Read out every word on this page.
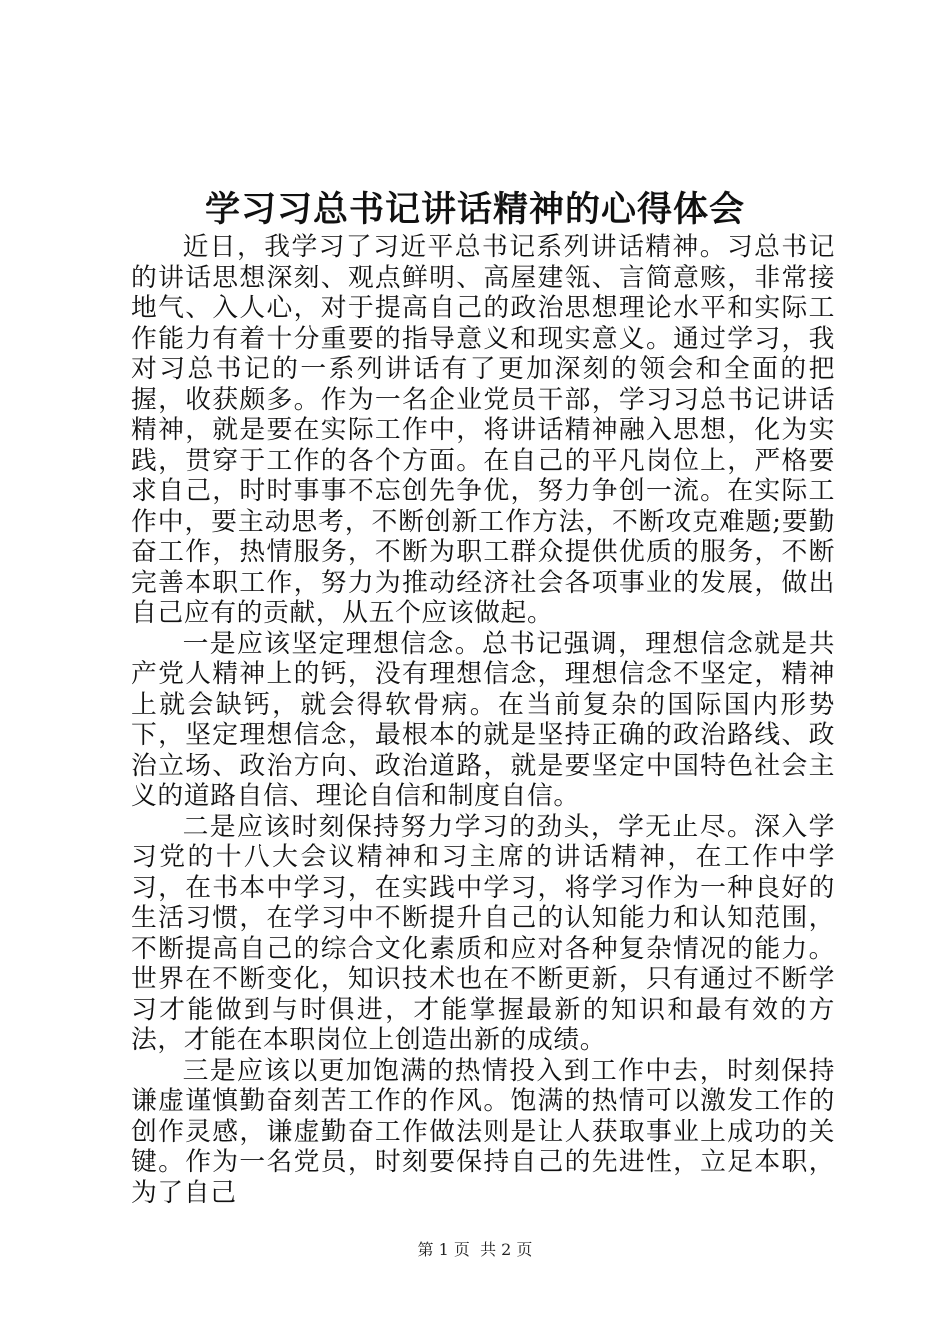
学习习总书记讲话精神的心得体会

近日，我学习了习近平总书记系列讲话精神。习总书记的讲话思想深刻、观点鲜明、高屋建瓴、言简意赅，非常接地气、入人心，对于提高自己的政治思想理论水平和实际工作能力有着十分重要的指导意义和现实意义。通过学习，我对习总书记的一系列讲话有了更加深刻的领会和全面的把握，收获颇多。作为一名企业党员干部，学习习总书记讲话精神，就是要在实际工作中，将讲话精神融入思想，化为实践，贯穿于工作的各个方面。在自己的平凡岗位上，严格要求自己，时时事事不忘创先争优，努力争创一流。在实际工作中，要主动思考，不断创新工作方法，不断攻克难题;要勤奋工作，热情服务，不断为职工群众提供优质的服务，不断完善本职工作，努力为推动经济社会各项事业的发展，做出自己应有的贡献，从五个应该做起。

一是应该坚定理想信念。总书记强调，理想信念就是共产党人精神上的钙，没有理想信念，理想信念不坚定，精神上就会缺钙，就会得软骨病。在当前复杂的国际国内形势下，坚定理想信念，最根本的就是坚持正确的政治路线、政治立场、政治方向、政治道路，就是要坚定中国特色社会主义的道路自信、理论自信和制度自信。

二是应该时刻保持努力学习的劲头，学无止尽。深入学习党的十八大会议精神和习主席的讲话精神，在工作中学习，在书本中学习，在实践中学习，将学习作为一种良好的生活习惯，在学习中不断提升自己的认知能力和认知范围，不断提高自己的综合文化素质和应对各种复杂情况的能力。世界在不断变化，知识技术也在不断更新，只有通过不断学习才能做到与时俱进，才能掌握最新的知识和最有效的方法，才能在本职岗位上创造出新的成绩。

三是应该以更加饱满的热情投入到工作中去，时刻保持谦虚谨慎勤奋刻苦工作的作风。饱满的热情可以激发工作的创作灵感，谦虚勤奋工作做法则是让人获取事业上成功的关键。作为一名党员，时刻要保持自己的先进性，立足本职，为了自己

第 1 页  共 2 页
